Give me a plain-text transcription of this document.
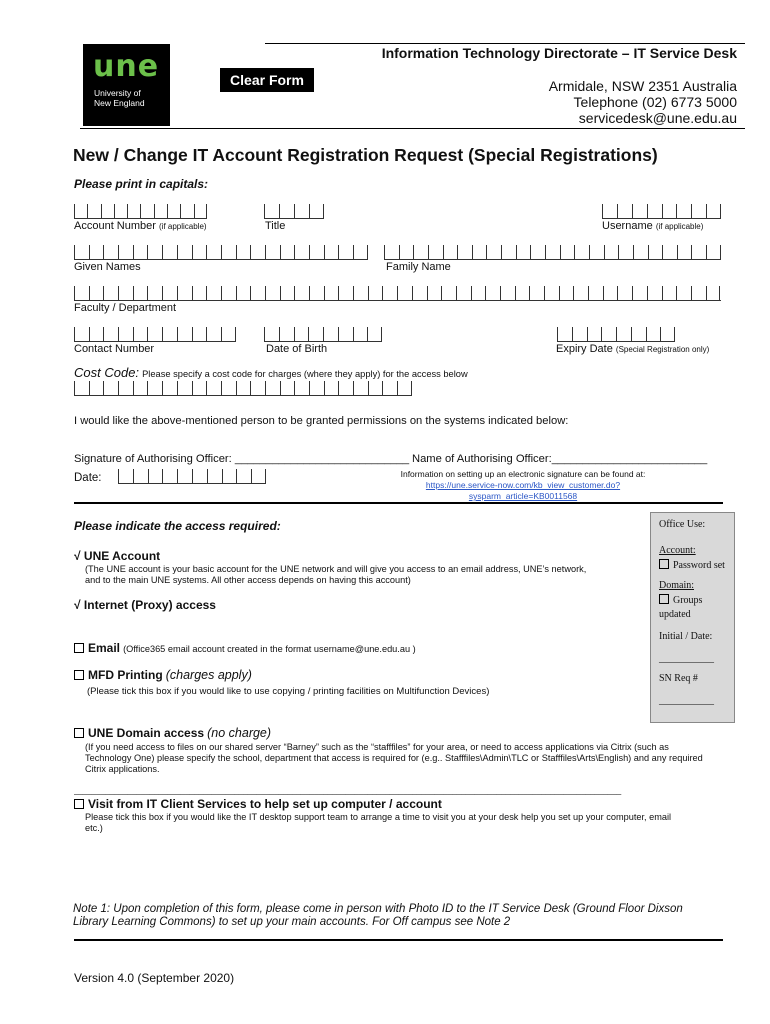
une
University of
New England
Information Technology Directorate – IT Service Desk
Clear Form	Armidale, NSW 2351 Australia
Telephone (02) 6773 5000
servicedesk@une.edu.au
New / Change IT Account Registration Request (Special Registrations)
Please print in capitals:
Account Number (if applicable)	Title	Username (if applicable)
Given Names	Family Name
Faculty / Department
Contact Number	Date of Birth	Expiry Date (Special Registration only)
Cost Code: Please specify a cost code for charges (where they apply) for the access below
I would like the above-mentioned person to be granted permissions on the systems indicated below:
Signature of Authorising Officer: ____________________________ Name of Authorising Officer:_________________________
Date:	Information on setting up an electronic signature can be found at:
https://une.service-now.com/kb_view_customer.do?sysparm_article=KB0011568
Please indicate the access required:	Office Use:

Account:

Password set

Domain:

Groups

updated

Initial / Date:

___________

SN Req #

___________

√ UNE Account
(The UNE account is your basic account for the UNE network and will give you access to an email address, UNE’s network, and to the main UNE systems. All other access depends on having this account)
√ Internet (Proxy) access
Email (Office365 email account created in the format username@une.edu.au )
MFD Printing (charges apply)
(Please tick this box if you would like to use copying / printing facilities on Multifunction Devices)
UNE Domain access (no charge)
(If you need access to files on our shared server “Barney” such as the “stafffiles” for your area, or need to access applications via Citrix (such as Technology One) please specify the school, department that access is required for (e.g.. Stafffiles\Admin\TLC or Stafffiles\Arts\English) and any required Citrix applications.
___________________________________________________________________________________________________________________________
Visit from IT Client Services to help set up computer / account
Please tick this box if you would like the IT desktop support team to arrange a time to visit you at your desk help you set up your computer, email etc.)
Note 1: Upon completion of this form, please come in person with Photo ID to the IT Service Desk (Ground Floor Dixson Library Learning Commons) to set up your main accounts. For Off campus see Note 2
Version 4.0 (September 2020)
